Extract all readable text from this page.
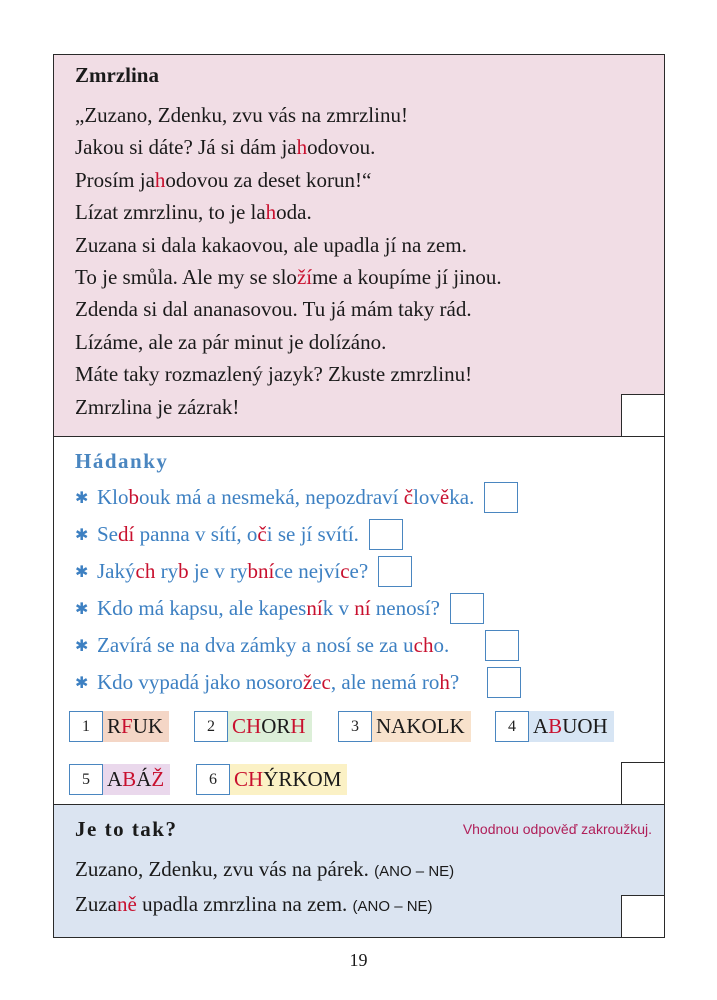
Zmrzlina
„Zuzano, Zdenku, zvu vás na zmrzlinu!
Jakou si dáte? Já si dám jahodovou.
Prosím jahodovou za deset korun!“
Lízat zmrzlinu, to je lahoda.
Zuzana si dala kakaovou, ale upadla jí na zem.
To je smůla. Ale my se složíme a koupíme jí jinou.
Zdenda si dal ananasovou. Tu já mám taky rád.
Lízáme, ale za pár minut je dolízáno.
Máte taky rozmazlený jazyk? Zkuste zmrzlinu!
Zmrzlina je zázrak!
Hádanky
✱ Klobouk má a nesmeká, nepozdraví člověka.
✱ Sedí panna v sítí, oči se jí svítí.
✱ Jakých ryb je v rybníce nejvíce?
✱ Kdo má kapsu, ale kapesník v ní nenosí?
✱ Zavírá se na dva zámky a nosí se za ucho.
✱ Kdo vypadá jako nosorožec, ale nemá roh?
1 RFUK	2 CHORH	3 NAKOLK	4 ABUOH
5 ABÁŽ	6 CHÝRKOM
Je to tak?	Vhodnou odpověď zakroužkuj.
Zuzano, Zdenku, zvu vás na párek. (ANO – NE)
Zuzaně upadla zmrzlina na zem. (ANO – NE)
19
